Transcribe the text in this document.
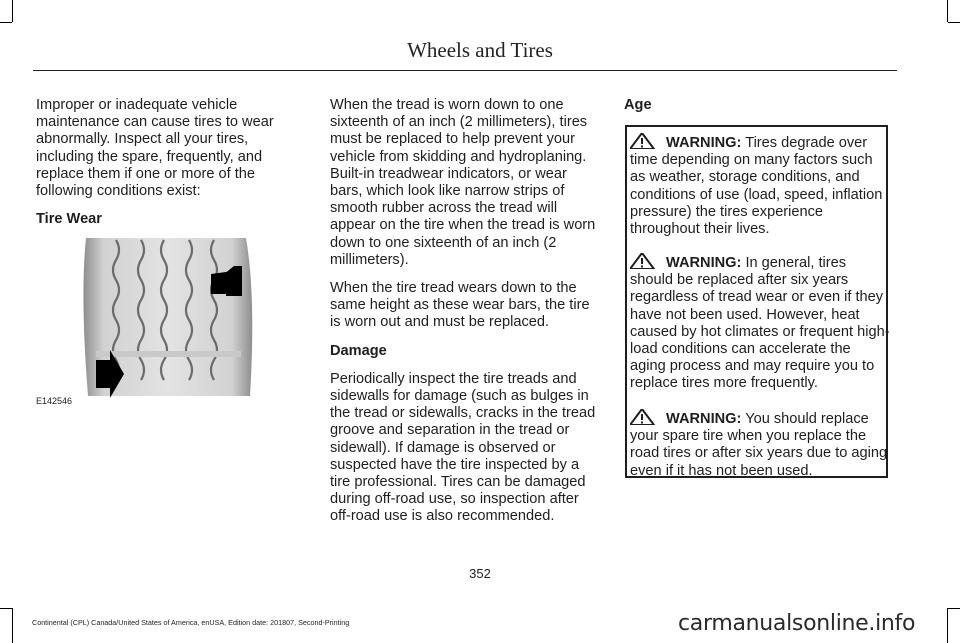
Wheels and Tires

Improper or inadequate vehicle maintenance can cause tires to wear abnormally. Inspect all your tires, including the spare, frequently, and replace them if one or more of the following conditions exist:

Tire Wear
E142546

When the tread is worn down to one sixteenth of an inch (2 millimeters), tires must be replaced to help prevent your vehicle from skidding and hydroplaning. Built-in treadwear indicators, or wear bars, which look like narrow strips of smooth rubber across the tread will appear on the tire when the tread is worn down to one sixteenth of an inch (2 millimeters).

When the tire tread wears down to the same height as these wear bars, the tire is worn out and must be replaced.

Damage

Periodically inspect the tire treads and sidewalls for damage (such as bulges in the tread or sidewalls, cracks in the tread groove and separation in the tread or sidewall). If damage is observed or suspected have the tire inspected by a tire professional. Tires can be damaged during off-road use, so inspection after off-road use is also recommended.

Age

WARNING: Tires degrade over time depending on many factors such as weather, storage conditions, and conditions of use (load, speed, inflation pressure) the tires experience throughout their lives.

WARNING: In general, tires should be replaced after six years regardless of tread wear or even if they have not been used. However, heat caused by hot climates or frequent high-load conditions can accelerate the aging process and may require you to replace tires more frequently.

WARNING: You should replace your spare tire when you replace the road tires or after six years due to aging even if it has not been used.

352
Continental (CPL) Canada/United States of America, enUSA, Edition date: 201807, Second-Printing	carmanualsonline.info
